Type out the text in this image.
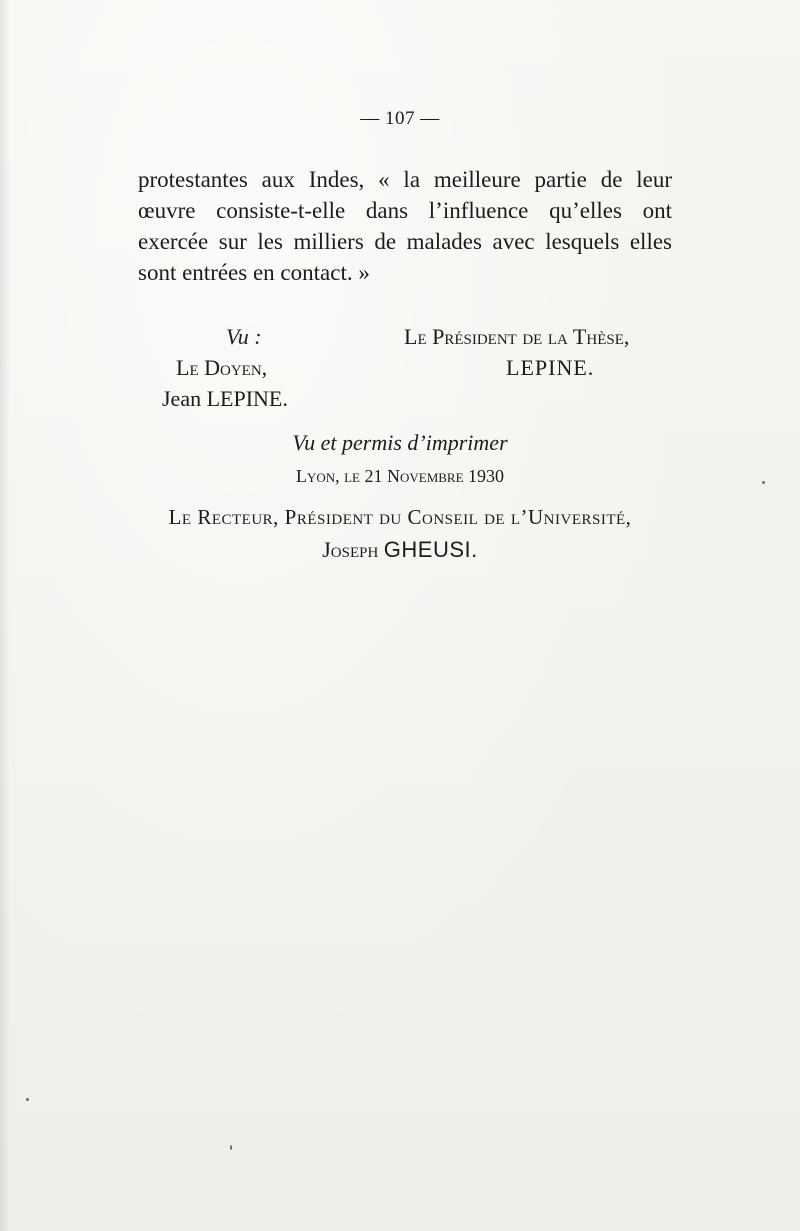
— 107 —
protestantes aux Indes, « la meilleure partie de leur
œuvre consiste-t-elle dans l’influence qu’elles ont
exercée sur les milliers de malades avec lesquels elles
sont entrées en contact. »
Vu :
Le Doyen,
Jean LEPINE.
Le Président de la Thèse,
LEPINE.
Vu et permis d’imprimer
Lyon, le 21 Novembre 1930
Le Recteur, Président du Conseil de l’Université,
Joseph GHEUSI.
